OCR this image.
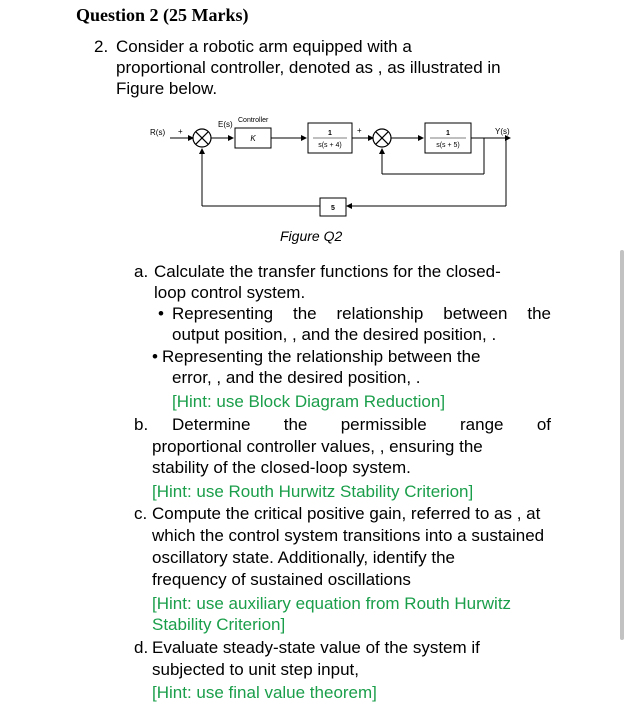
Question 2 (25 Marks)
2. Consider a robotic arm equipped with a
proportional controller, denoted as , as illustrated in
Figure below.
R(s) +
E(s) Controller
K
1
s(s + 4)
+	1
s(s + 5)
Y(s)
5
Figure Q2
a. Calculate the transfer functions for the closed-
loop control system.
• Representing the relationship between the
output position, , and the desired position, .
• Representing the relationship between the
error, , and the desired position, .
[Hint: use Block Diagram Reduction]
b. Determine the permissible range of
proportional controller values, , ensuring the
stability of the closed-loop system.
[Hint: use Routh Hurwitz Stability Criterion]
c. Compute the critical positive gain, referred to as , at
which the control system transitions into a sustained
oscillatory state. Additionally, identify the
frequency of sustained oscillations
[Hint: use auxiliary equation from Routh Hurwitz
Stability Criterion]
d. Evaluate steady-state value of the system if
subjected to unit step input,
[Hint: use final value theorem]
